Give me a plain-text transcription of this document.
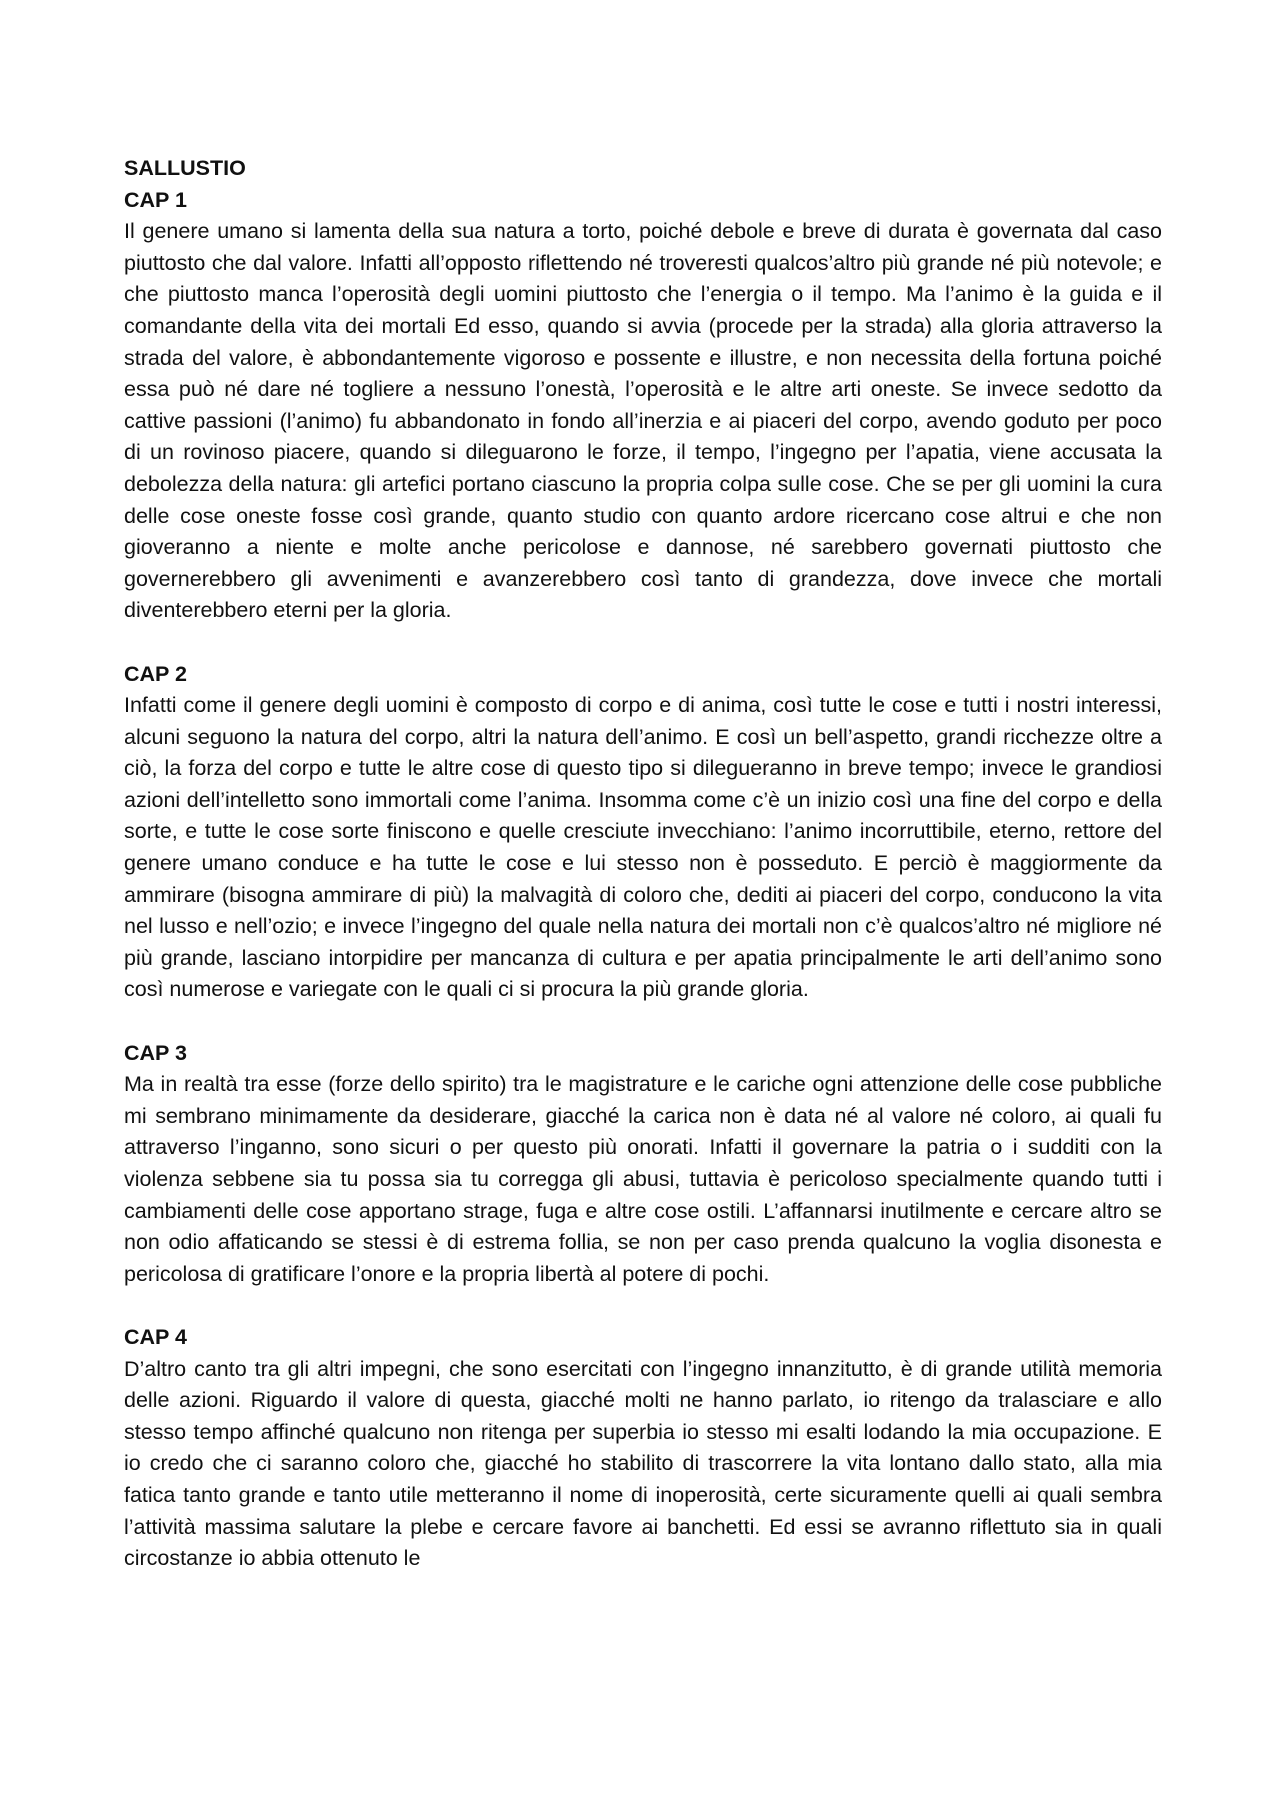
SALLUSTIO

CAP 1

Il genere umano si lamenta della sua natura a torto, poiché debole e breve di durata è governata dal caso piuttosto che dal valore. Infatti all’opposto riflettendo né troveresti qualcos’altro più grande né più notevole; e che piuttosto manca l’operosità degli uomini piuttosto che l’energia o il tempo. Ma l’animo è la guida e il comandante della vita dei mortali Ed esso, quando si avvia (procede per la strada) alla gloria attraverso la strada del valore, è abbondantemente vigoroso e possente e illustre, e non necessita della fortuna poiché essa può né dare né togliere a nessuno l’onestà, l’operosità e le altre arti oneste. Se invece sedotto da cattive passioni (l’animo) fu abbandonato in fondo all’inerzia e ai piaceri del corpo, avendo goduto per poco di un rovinoso piacere, quando si dileguarono le forze, il tempo, l’ingegno per l’apatia, viene accusata la debolezza della natura: gli artefici portano ciascuno la propria colpa sulle cose. Che se per gli uomini la cura delle cose oneste fosse così grande, quanto studio con quanto ardore ricercano cose altrui e che non gioveranno a niente e molte anche pericolose e dannose, né sarebbero governati piuttosto che governerebbero gli avvenimenti e avanzerebbero così tanto di grandezza, dove invece che mortali diventerebbero eterni per la gloria.

CAP 2

Infatti come il genere degli uomini è composto di corpo e di anima, così tutte le cose e tutti i nostri interessi, alcuni seguono la natura del corpo, altri la natura dell’animo. E così un bell’aspetto, grandi ricchezze oltre a ciò, la forza del corpo e tutte le altre cose di questo tipo si dilegueranno in breve tempo; invece le grandiosi azioni dell’intelletto sono immortali come l’anima. Insomma come c’è un inizio così una fine del corpo e della sorte, e tutte le cose sorte finiscono e quelle cresciute invecchiano: l’animo incorruttibile, eterno, rettore del genere umano conduce e ha tutte le cose e lui stesso non è posseduto. E perciò è maggiormente da ammirare (bisogna ammirare di più) la malvagità di coloro che, dediti ai piaceri del corpo, conducono la vita nel lusso e nell’ozio; e invece l’ingegno del quale nella natura dei mortali non c’è qualcos’altro né migliore né più grande, lasciano intorpidire per mancanza di cultura e per apatia principalmente le arti dell’animo sono così numerose e variegate con le quali ci si procura la più grande gloria.

CAP 3

Ma in realtà tra esse (forze dello spirito) tra le magistrature e le cariche ogni attenzione delle cose pubbliche mi sembrano minimamente da desiderare, giacché la carica non è data né al valore né coloro, ai quali fu attraverso l’inganno, sono sicuri o per questo più onorati. Infatti il governare la patria o i sudditi con la violenza sebbene sia tu possa sia tu corregga gli abusi, tuttavia è pericoloso specialmente quando tutti i cambiamenti delle cose apportano strage, fuga e altre cose ostili. L’affannarsi inutilmente e cercare altro se non odio affaticando se stessi è di estrema follia, se non per caso prenda qualcuno la voglia disonesta e pericolosa di gratificare l’onore e la propria libertà al potere di pochi.

CAP 4

D’altro canto tra gli altri impegni, che sono esercitati con l’ingegno innanzitutto, è di grande utilità memoria delle azioni. Riguardo il valore di questa, giacché molti ne hanno parlato, io ritengo da tralasciare e allo stesso tempo affinché qualcuno non ritenga per superbia io stesso mi esalti lodando la mia occupazione. E io credo che ci saranno coloro che, giacché ho stabilito di trascorrere la vita lontano dallo stato, alla mia fatica tanto grande e tanto utile metteranno il nome di inoperosità, certe sicuramente quelli ai quali sembra l’attività massima salutare la plebe e cercare favore ai banchetti. Ed essi se avranno riflettuto sia in quali circostanze io abbia ottenuto le
